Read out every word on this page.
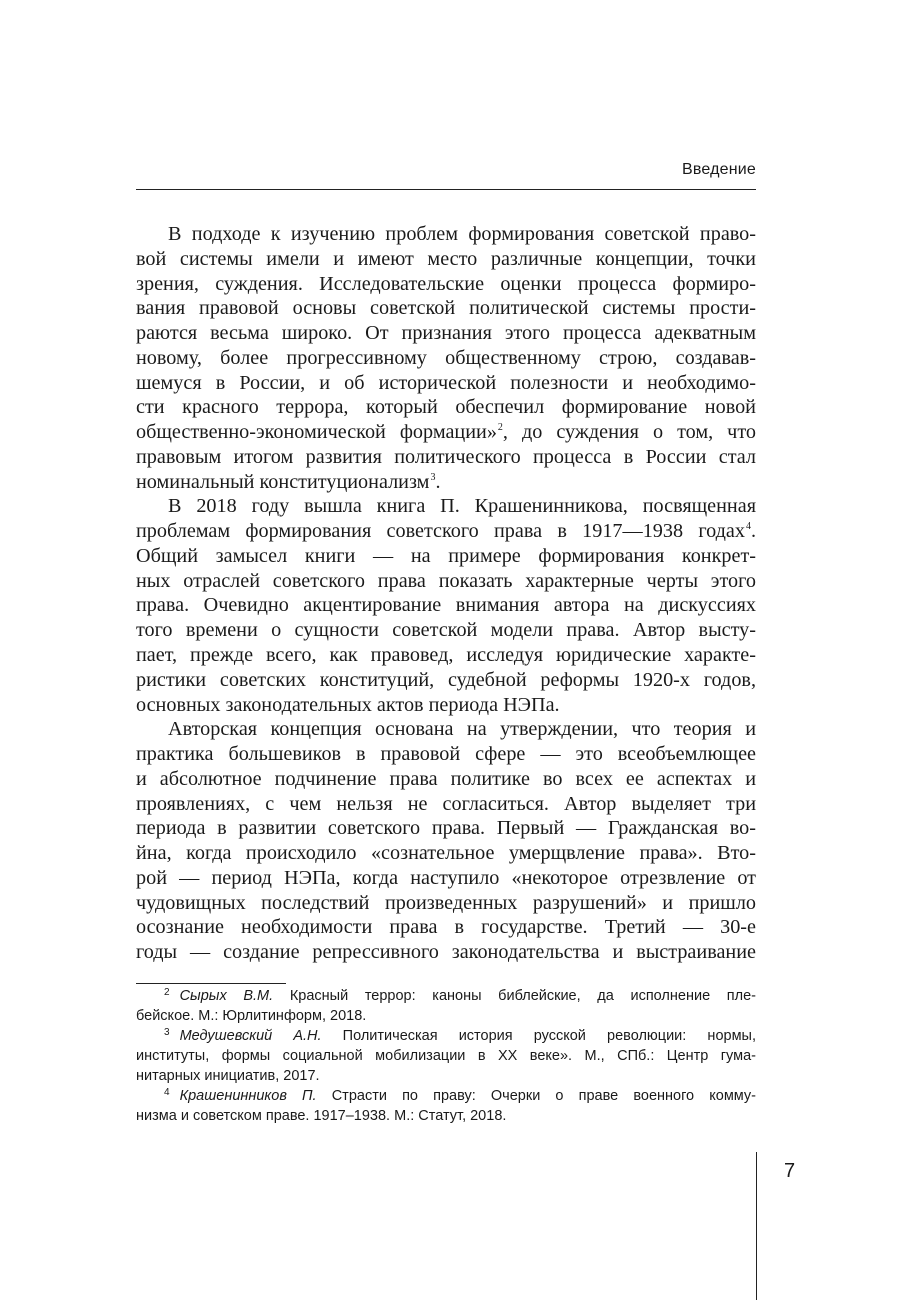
Введение
В подходе к изучению проблем формирования советской право-
вой системы имели и имеют место различные концепции, точки
зрения, суждения. Исследовательские оценки процесса формиро-
вания правовой основы советской политической системы прости-
раются весьма широко. От признания этого процесса адекватным
новому, более прогрессивному общественному строю, создавав-
шемуся в России, и об исторической полезности и необходимо-
сти красного террора, который обеспечил формирование новой
общественно-экономической формации»$^2$, до суждения о том, что
правовым итогом развития политического процесса в России стал
номинальный конституционализм$^3$.
В 2018 году вышла книга П. Крашенинникова, посвященная
проблемам формирования советского права в 1917—1938 годах$^4$.
Общий замысел книги — на примере формирования конкрет-
ных отраслей советского права показать характерные черты этого
права. Очевидно акцентирование внимания автора на дискуссиях
того времени о сущности советской модели права. Автор высту-
пает, прежде всего, как правовед, исследуя юридические характе-
ристики советских конституций, судебной реформы 1920-х годов,
основных законодательных актов периода НЭПа.
Авторская концепция основана на утверждении, что теория и
практика большевиков в правовой сфере — это всеобъемлющее
и абсолютное подчинение права политике во всех ее аспектах и
проявлениях, с чем нельзя не согласиться. Автор выделяет три
периода в развитии советского права. Первый — Гражданская во-
йна, когда происходило «сознательное умерщвление права». Вто-
рой — период НЭПа, когда наступило «некоторое отрезвление от
чудовищных последствий произведенных разрушений» и пришло
осознание необходимости права в государстве. Третий — 30-е
годы — создание репрессивного законодательства и выстраивание
$^2$ Сырых В.М. Красный террор: каноны библейские, да исполнение пле-
бейское. М.: Юрлитинформ, 2018.
$^3$ Медушевский А.Н. Политическая история русской революции: нормы,
институты, формы социальной мобилизации в XX веке». М., СПб.: Центр гума-
нитарных инициатив, 2017.
$^4$ Крашенинников П. Страсти по праву: Очерки о праве военного комму-
низма и советском праве. 1917–1938. М.: Статут, 2018.
7
